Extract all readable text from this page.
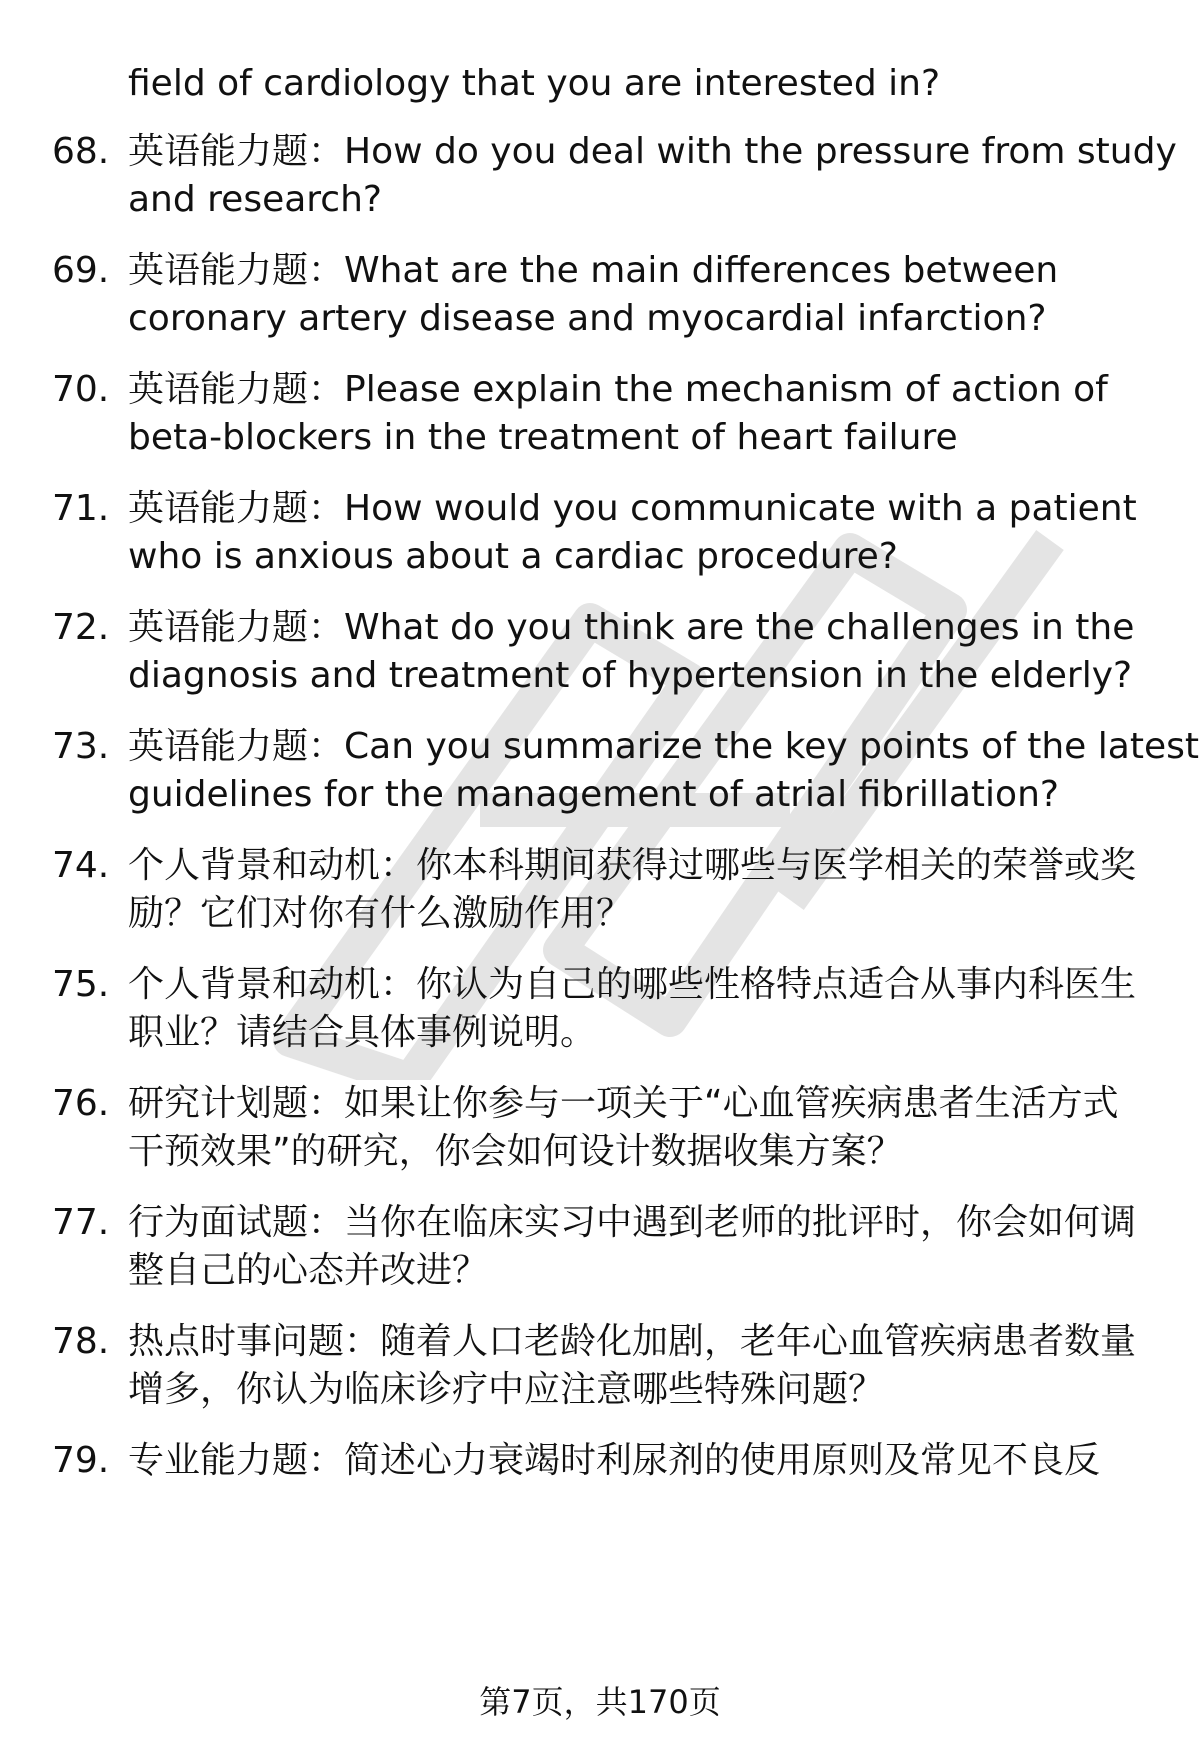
field of cardiology that you are interested in?
68. 英语能力题：How do you deal with the pressure from study
and research?
69. 英语能力题：What are the main differences between
coronary artery disease and myocardial infarction?
70. 英语能力题：Please explain the mechanism of action of
beta-blockers in the treatment of heart failure
71. 英语能力题：How would you communicate with a patient
who is anxious about a cardiac procedure?
72. 英语能力题：What do you think are the challenges in the
diagnosis and treatment of hypertension in the elderly?
73. 英语能力题：Can you summarize the key points of the latest
guidelines for the management of atrial fibrillation?
74. 个人背景和动机：你本科期间获得过哪些与医学相关的荣誉或奖
励？它们对你有什么激励作用？
75. 个人背景和动机：你认为自己的哪些性格特点适合从事内科医生
职业？请结合具体事例说明。
76. 研究计划题：如果让你参与一项关于“心血管疾病患者生活方式
干预效果”的研究，你会如何设计数据收集方案？
77. 行为面试题：当你在临床实习中遇到老师的批评时，你会如何调
整自己的心态并改进？
78. 热点时事问题：随着人口老龄化加剧，老年心血管疾病患者数量
增多，你认为临床诊疗中应注意哪些特殊问题？
79. 专业能力题：简述心力衰竭时利尿剂的使用原则及常见不良反
第7页，共170页
